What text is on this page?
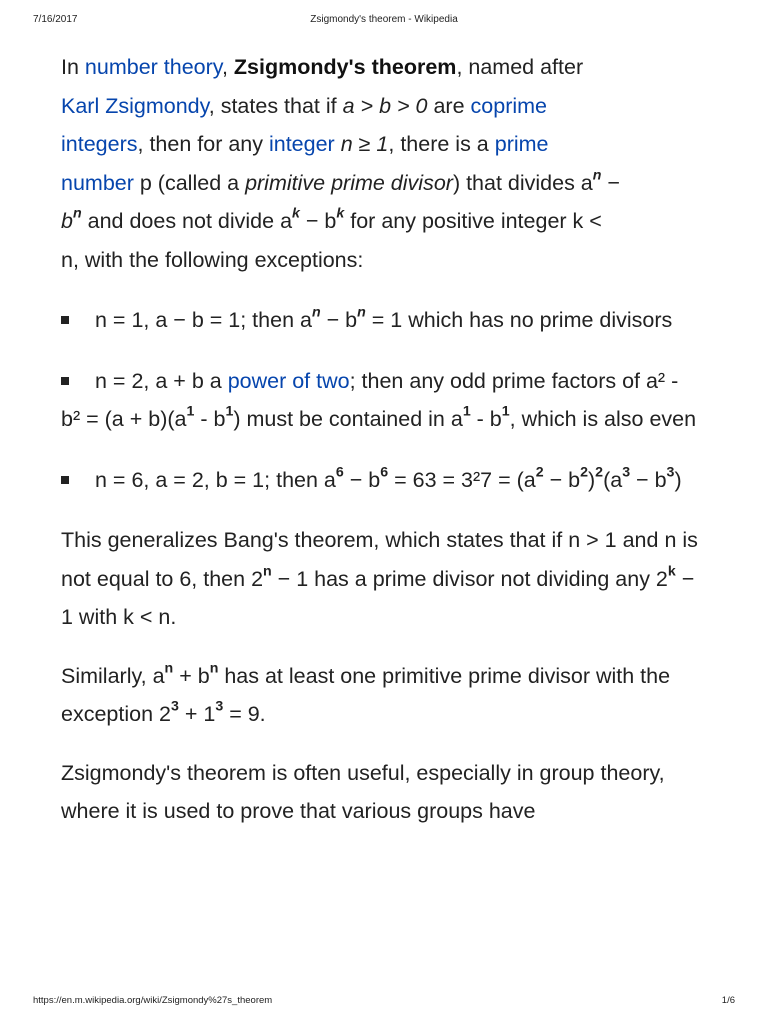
7/16/2017	Zsigmondy's theorem - Wikipedia

In number theory, Zsigmondy's theorem, named after
Karl Zsigmondy, states that if a > b > 0 are coprime
integers, then for any integer n ≥ 1, there is a prime
number p (called a primitive prime divisor) that divides $a^n$ −
$b^n$ and does not divide $a^k - b^k$ for any positive integer k <
n, with the following exceptions:

n = 1, a − b = 1; then $a^n - b^n = 1$ which has no prime divisors
n = 2, a + b a power of two; then any odd prime factors of $a^2 - b^2 = (a + b)(a^1 - b^1)$ must be contained in $a^1 - b^1$, which is also even
n = 6, a = 2, b = 1; then $a^6 - b^6 = 63 = 3^27 = (a^2 - b^2)^2(a^3 - b^3)$

This generalizes Bang's theorem, which states that if n > 1 and n is not equal to 6, then $2^n - 1$ has a prime divisor not dividing any $2^k - 1$ with k < n.

Similarly, $a^n + b^n$ has at least one primitive prime divisor with the exception $2^3 + 1^3 = 9$.

Zsigmondy's theorem is often useful, especially in group theory, where it is used to prove that various groups have

https://en.m.wikipedia.org/wiki/Zsigmondy%27s_theorem	1/6
